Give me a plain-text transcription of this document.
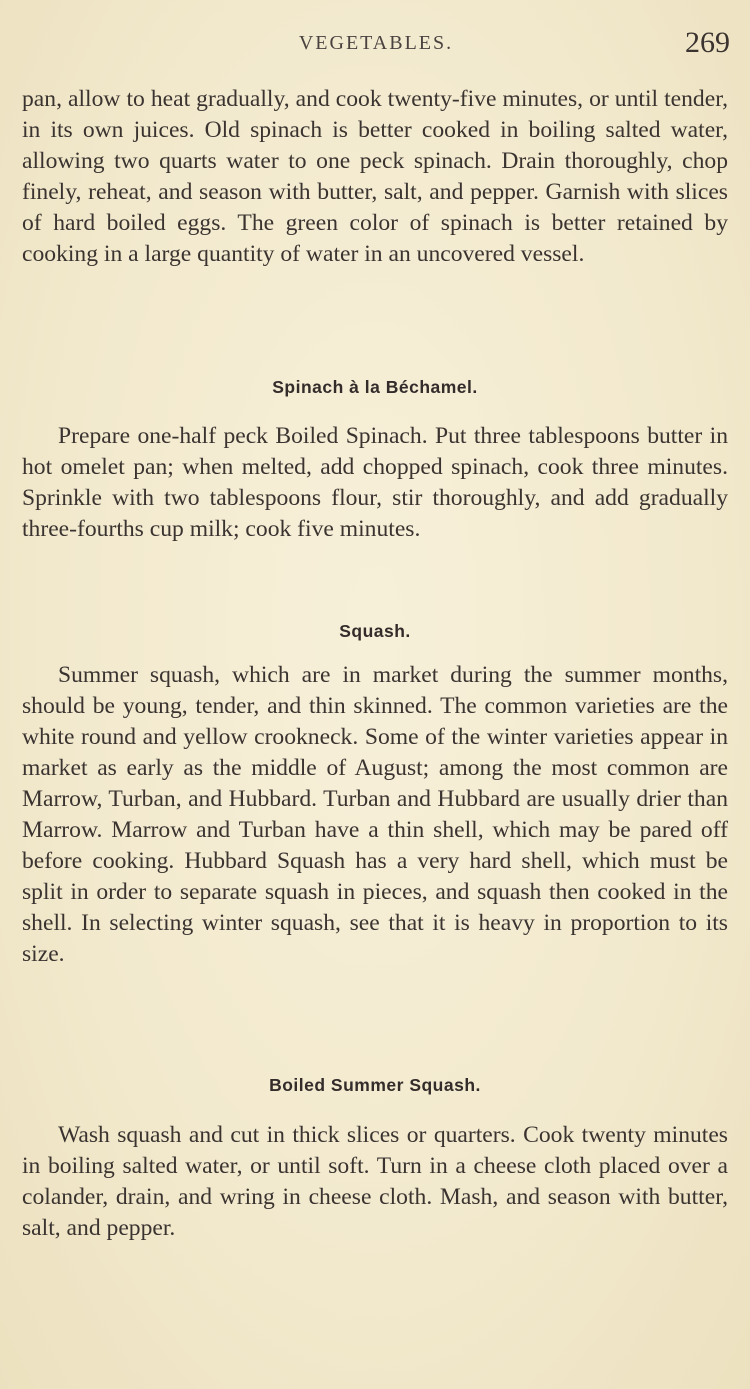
VEGETABLES.	269

pan, allow to heat gradually, and cook twenty-five minutes, or until tender, in its own juices. Old spinach is better cooked in boiling salted water, allowing two quarts water to one peck spinach. Drain thoroughly, chop finely, reheat, and season with butter, salt, and pepper. Garnish with slices of hard boiled eggs. The green color of spinach is better retained by cooking in a large quantity of water in an uncovered vessel.

Spinach à la Béchamel.

Prepare one-half peck Boiled Spinach. Put three tablespoons butter in hot omelet pan; when melted, add chopped spinach, cook three minutes. Sprinkle with two tablespoons flour, stir thoroughly, and add gradually three-fourths cup milk; cook five minutes.

Squash.

Summer squash, which are in market during the summer months, should be young, tender, and thin skinned. The common varieties are the white round and yellow crookneck. Some of the winter varieties appear in market as early as the middle of August; among the most common are Marrow, Turban, and Hubbard. Turban and Hubbard are usually drier than Marrow. Marrow and Turban have a thin shell, which may be pared off before cooking. Hubbard Squash has a very hard shell, which must be split in order to separate squash in pieces, and squash then cooked in the shell. In selecting winter squash, see that it is heavy in proportion to its size.

Boiled Summer Squash.

Wash squash and cut in thick slices or quarters. Cook twenty minutes in boiling salted water, or until soft. Turn in a cheese cloth placed over a colander, drain, and wring in cheese cloth. Mash, and season with butter, salt, and pepper.
